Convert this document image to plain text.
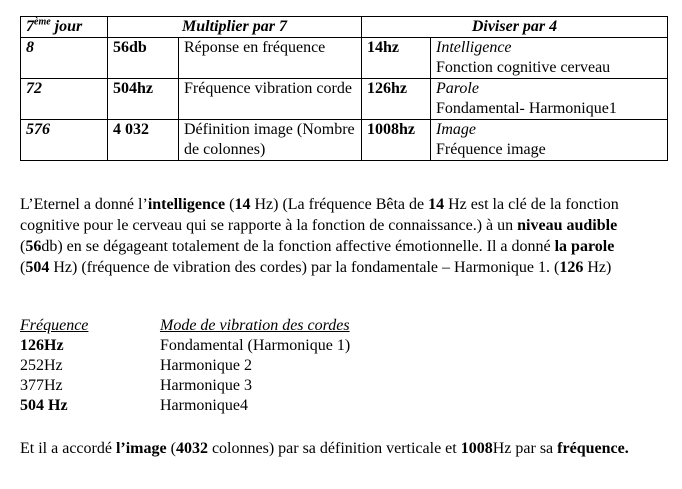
7ème jour	Multiplier par 7		Diviser par 4	
8	56db	Réponse en fréquence	14hz	Intelligence
Fonction cognitive cerveau

72	504hz	Fréquence vibration corde	126hz	Parole
Fondamental- Harmonique1

576	4 032	Définition image (Nombre de colonnes)	1008hz	Image
Fréquence image

L’Eternel a donné l’intelligence (14 Hz) (La fréquence Bêta de 14 Hz est la clé de la fonction cognitive pour le cerveau qui se rapporte à la fonction de connaissance.) à un niveau audible (56db) en se dégageant totalement de la fonction affective émotionnelle. Il a donné la parole (504 Hz) (fréquence de vibration des cordes) par la fondamentale – Harmonique 1. (126 Hz)

Fréquence	Mode de vibration des cordes
126Hz	Fondamental (Harmonique 1)
252Hz	Harmonique 2
377Hz	Harmonique 3
504 Hz	Harmonique4

Et il a accordé l’image (4032 colonnes) par sa définition verticale et 1008Hz par sa fréquence.
